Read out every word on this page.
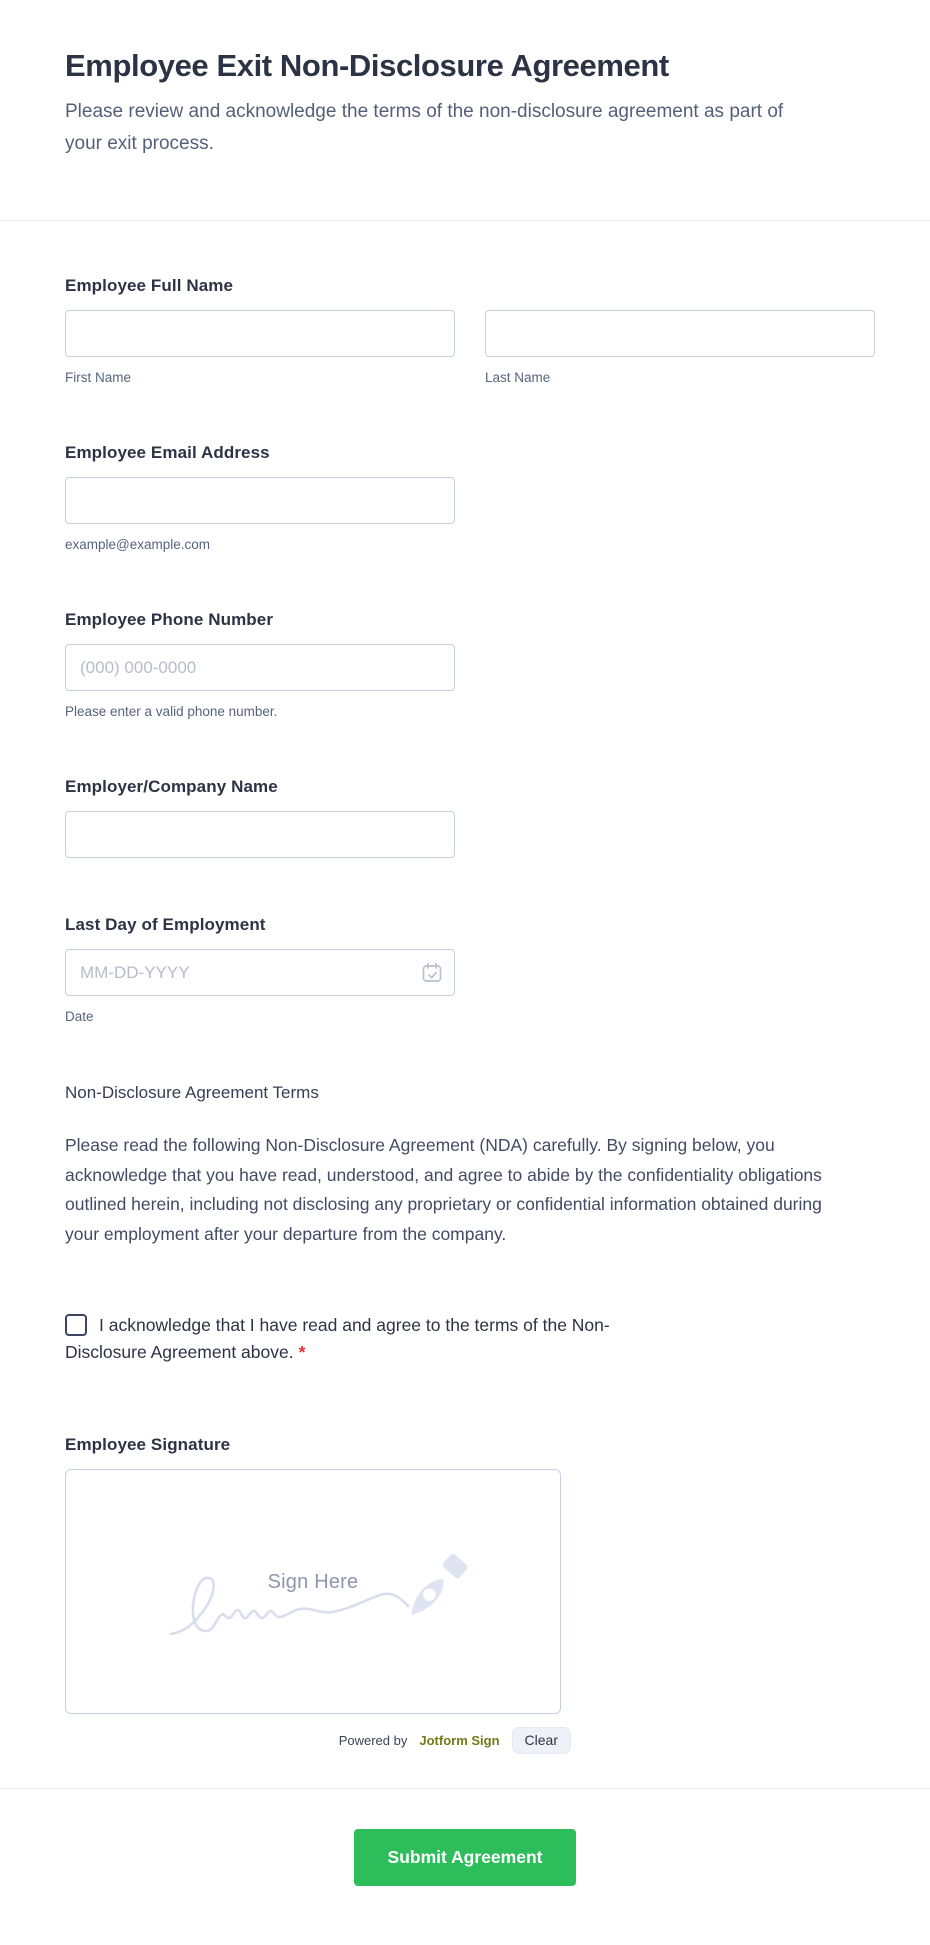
Employee Exit Non-Disclosure Agreement

Please review and acknowledge the terms of the non-disclosure agreement as part of your exit process.

Employee Full Name
First Name	Last Name
Employee Email Address
example@example.com
Employee Phone Number
(000) 000-0000
Please enter a valid phone number.
Employer/Company Name
Last Day of Employment
MM-DD-YYYY
Date
Non-Disclosure Agreement Terms

Please read the following Non-Disclosure Agreement (NDA) carefully. By signing below, you acknowledge that you have read, understood, and agree to abide by the confidentiality obligations outlined herein, including not disclosing any proprietary or confidential information obtained during your employment after your departure from the company.

I acknowledge that I have read and agree to the terms of the Non-Disclosure Agreement above. *

Employee Signature
Sign Here
Powered by Jotform Sign	Clear
Submit Agreement
